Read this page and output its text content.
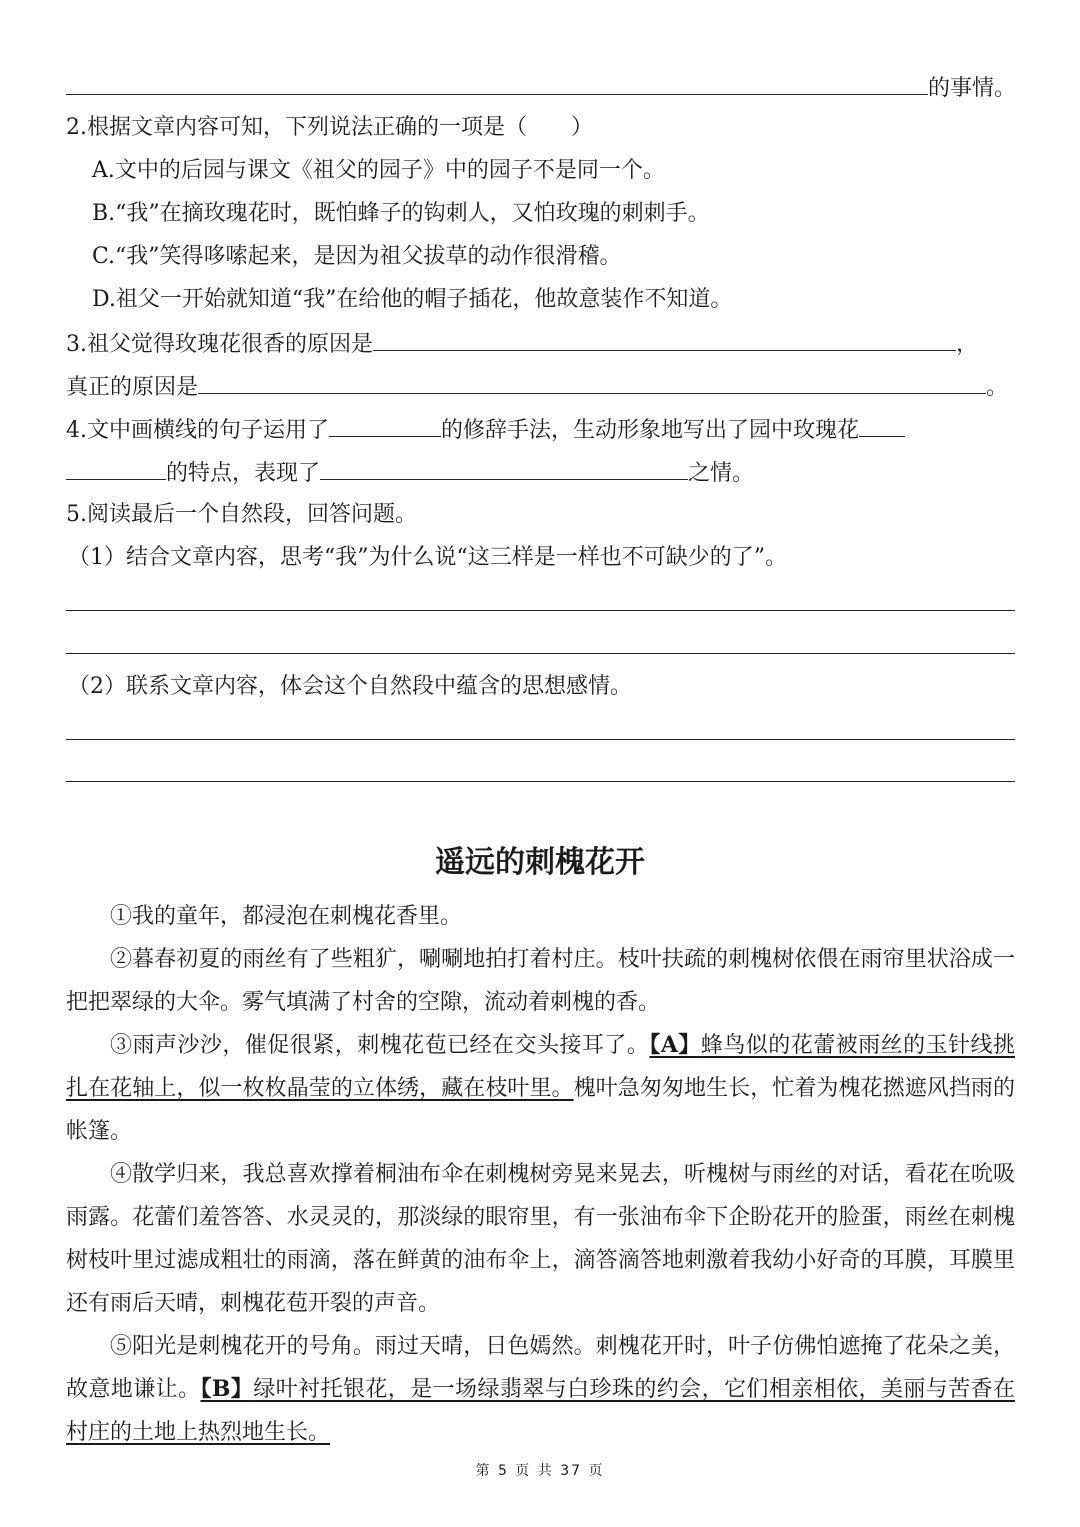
的事情。
2.根据文章内容可知，下列说法正确的一项是（　　）
A.文中的后园与课文《祖父的园子》中的园子不是同一个。
B.“我”在摘玫瑰花时，既怕蜂子的钩刺人，又怕玫瑰的刺刺手。
C.“我”笑得哆嗦起来，是因为祖父拔草的动作很滑稽。
D.祖父一开始就知道“我”在给他的帽子插花，他故意装作不知道。
3.祖父觉得玫瑰花很香的原因是	，
真正的原因是	。
4.文中画横线的句子运用了	的修辞手法，生动形象地写出了园中玫瑰花
的特点，表现了	之情。
5.阅读最后一个自然段，回答问题。
（1）结合文章内容，思考“我”为什么说“这三样是一样也不可缺少的了”。
（2）联系文章内容，体会这个自然段中蕴含的思想感情。
遥远的刺槐花开

①我的童年，都浸泡在刺槐花香里。

②暮春初夏的雨丝有了些粗犷，唰唰地拍打着村庄。枝叶扶疏的刺槐树依偎在雨帘里状浴成一把把翠绿的大伞。雾气填满了村舍的空隙，流动着刺槐的香。

③雨声沙沙，催促很紧，刺槐花苞已经在交头接耳了。【A】蜂鸟似的花蕾被雨丝的玉针线挑扎在花轴上，似一枚枚晶莹的立体绣，藏在枝叶里。槐叶急匆匆地生长，忙着为槐花撚遮风挡雨的帐篷。

④散学归来，我总喜欢撑着桐油布伞在刺槐树旁晃来晃去，听槐树与雨丝的对话，看花在吮吸雨露。花蕾们羞答答、水灵灵的，那淡绿的眼帘里，有一张油布伞下企盼花开的脸蛋，雨丝在刺槐树枝叶里过滤成粗壮的雨滴，落在鲜黄的油布伞上，滴答滴答地刺激着我幼小好奇的耳膜，耳膜里还有雨后天晴，刺槐花苞开裂的声音。

⑤阳光是刺槐花开的号角。雨过天晴，日色嫣然。刺槐花开时，叶子仿佛怕遮掩了花朵之美，故意地谦让。【B】绿叶衬托银花，是一场绿翡翠与白珍珠的约会，它们相亲相依，美丽与苦香在村庄的土地上热烈地生长。

第 5 页 共 37 页
